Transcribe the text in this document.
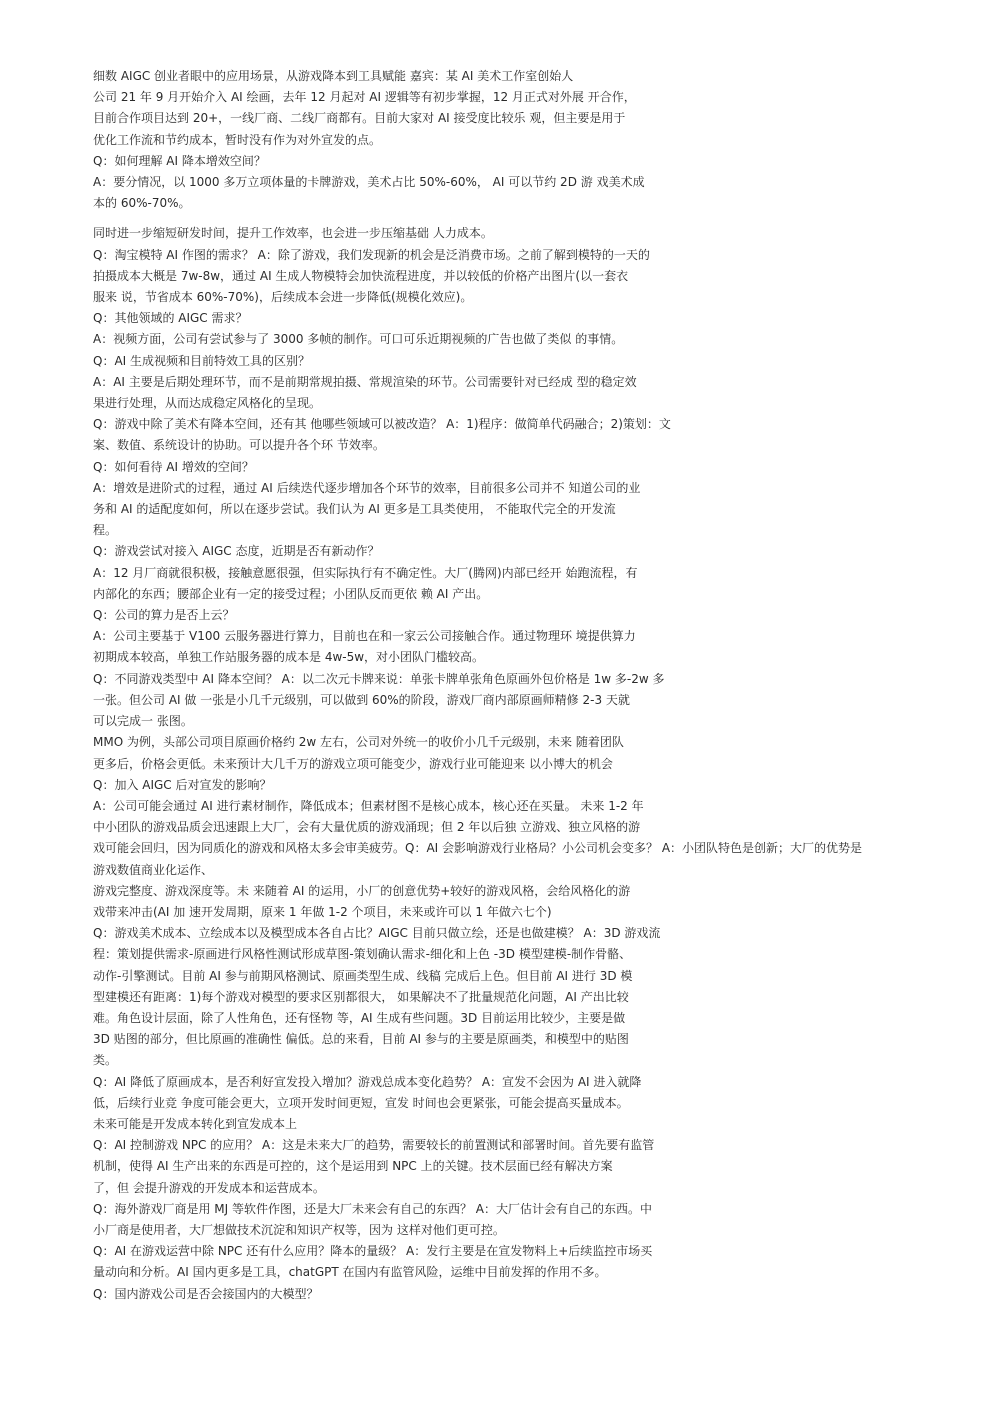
细数 AIGC 创业者眼中的应用场景，从游戏降本到工具赋能 嘉宾：某 AI 美术工作室创始人
公司 21 年 9 月开始介入 AI 绘画，去年 12 月起对 AI 逻辑等有初步掌握，12 月正式对外展 开合作，
目前合作项目达到 20+，一线厂商、二线厂商都有。目前大家对 AI 接受度比较乐 观，但主要是用于
优化工作流和节约成本，暂时没有作为对外宣发的点。
Q：如何理解 AI 降本增效空间？
A：要分情况，以 1000 多万立项体量的卡牌游戏，美术占比 50%-60%， AI 可以节约 2D 游 戏美术成
本的 60%-70%。
同时进一步缩短研发时间，提升工作效率，也会进一步压缩基础 人力成本。
Q：淘宝模特 AI 作图的需求？ A：除了游戏，我们发现新的机会是泛消费市场。之前了解到模特的一天的
拍摄成本大概是 7w-8w，通过 AI 生成人物模特会加快流程进度，并以较低的价格产出图片(以一套衣
服来 说，节省成本 60%-70%)，后续成本会进一步降低(规模化效应)。
Q：其他领域的 AIGC 需求？
A：视频方面，公司有尝试参与了 3000 多帧的制作。可口可乐近期视频的广告也做了类似 的事情。
Q：AI 生成视频和目前特效工具的区别？
A：AI 主要是后期处理环节，而不是前期常规拍摄、常规渲染的环节。公司需要针对已经成 型的稳定效
果进行处理，从而达成稳定风格化的呈现。
Q：游戏中除了美术有降本空间，还有其 他哪些领域可以被改造？ A：1)程序：做简单代码融合；2)策划：文
案、数值、系统设计的协助。可以提升各个环 节效率。
Q：如何看待 AI 增效的空间？
A：增效是进阶式的过程，通过 AI 后续迭代逐步增加各个环节的效率，目前很多公司并不 知道公司的业
务和 AI 的适配度如何，所以在逐步尝试。我们认为 AI 更多是工具类使用， 不能取代完全的开发流
程。
Q：游戏尝试对接入 AIGC 态度，近期是否有新动作？
A：12 月厂商就很积极，接触意愿很强，但实际执行有不确定性。大厂(腾网)内部已经开 始跑流程，有
内部化的东西；腰部企业有一定的接受过程；小团队反而更依 赖 AI 产出。
Q：公司的算力是否上云？
A：公司主要基于 V100 云服务器进行算力，目前也在和一家云公司接触合作。通过物理环 境提供算力
初期成本较高，单独工作站服务器的成本是 4w-5w，对小团队门槛较高。
Q：不同游戏类型中 AI 降本空间？ A：以二次元卡牌来说：单张卡牌单张角色原画外包价格是 1w 多-2w 多
一张。但公司 AI 做 一张是小几千元级别，可以做到 60%的阶段，游戏厂商内部原画师精修 2-3 天就
可以完成一 张图。
MMO 为例，头部公司项目原画价格约 2w 左右，公司对外统一的收价小几千元级别，未来 随着团队
更多后，价格会更低。未来预计大几千万的游戏立项可能变少，游戏行业可能迎来 以小博大的机会
Q：加入 AIGC 后对宣发的影响？
A：公司可能会通过 AI 进行素材制作，降低成本；但素材图不是核心成本，核心还在买量。 未来 1-2 年
中小团队的游戏品质会迅速跟上大厂，会有大量优质的游戏涌现；但 2 年以后独 立游戏、独立风格的游
戏可能会回归，因为同质化的游戏和风格太多会审美疲劳。Q：AI 会影响游戏行业格局？小公司机会变多？ A：小团队特色是创新；大厂的优势是
游戏数值商业化运作、
游戏完整度、游戏深度等。未 来随着 AI 的运用，小厂的创意优势+较好的游戏风格，会给风格化的游
戏带来冲击(AI 加 速开发周期，原来 1 年做 1-2 个项目，未来或许可以 1 年做六七个)
Q：游戏美术成本、立绘成本以及模型成本各自占比？AIGC 目前只做立绘，还是也做建模？ A：3D 游戏流
程：策划提供需求-原画进行风格性测试形成草图-策划确认需求-细化和上色 -3D 模型建模-制作骨骼、
动作-引擎测试。目前 AI 参与前期风格测试、原画类型生成、线稿 完成后上色。但目前 AI 进行 3D 模
型建模还有距离：1)每个游戏对模型的要求区别都很大， 如果解决不了批量规范化问题，AI 产出比较
难。角色设计层面，除了人性角色，还有怪物 等，AI 生成有些问题。3D 目前运用比较少，主要是做
3D 贴图的部分，但比原画的准确性 偏低。总的来看，目前 AI 参与的主要是原画类，和模型中的贴图
类。
Q：AI 降低了原画成本，是否利好宣发投入增加？游戏总成本变化趋势？ A：宣发不会因为 AI 进入就降
低，后续行业竞 争度可能会更大，立项开发时间更短，宣发 时间也会更紧张，可能会提高买量成本。
未来可能是开发成本转化到宣发成本上
Q：AI 控制游戏 NPC 的应用？ A：这是未来大厂的趋势，需要较长的前置测试和部署时间。首先要有监管
机制，使得 AI 生产出来的东西是可控的，这个是运用到 NPC 上的关键。技术层面已经有解决方案
了，但 会提升游戏的开发成本和运营成本。
Q：海外游戏厂商是用 MJ 等软件作图，还是大厂未来会有自己的东西？ A：大厂估计会有自己的东西。中
小厂商是使用者，大厂想做技术沉淀和知识产权等，因为 这样对他们更可控。
Q：AI 在游戏运营中除 NPC 还有什么应用？降本的量级？ A：发行主要是在宣发物料上+后续监控市场买
量动向和分析。AI 国内更多是工具，chatGPT 在国内有监管风险，运维中目前发挥的作用不多。
Q：国内游戏公司是否会接国内的大模型？
